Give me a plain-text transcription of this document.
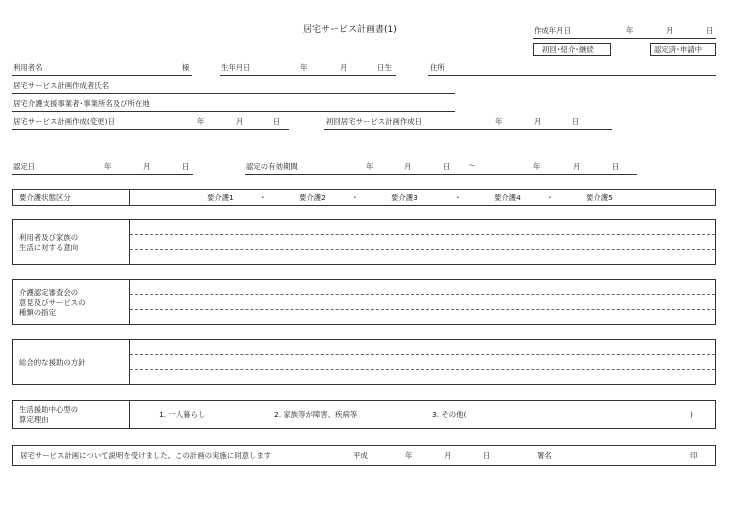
居宅サービス計画書(1)	作成年月日	年	月	日
初回･紹介･継続	認定済･申請中
利用者名	様	生年月日	年	月	日生	住所
居宅サービス計画作成者氏名
居宅介護支援事業者･事業所名及び所在地
居宅サービス計画作成(変更)日	年	月	日	初回居宅サービス計画作成日	年	月	日
認定日	年	月	日	認定の有効期間	年	月	日 ～	年	月	日
要介護状態区分	要介護1	･	要介護2	･	要介護3	･	要介護4	･	要介護5
利用者及び家族の
生活に対する意向
介護認定審査会の
意見及びサービスの
種類の指定
総合的な援助の方針
生活援助中心型の
算定理由
1. 一人暮らし	2. 家族等が障害、疾病等	3. その他(	)
居宅サービス計画について説明を受けました。この計画の実施に同意します	平成	年	月	日	署名	印
